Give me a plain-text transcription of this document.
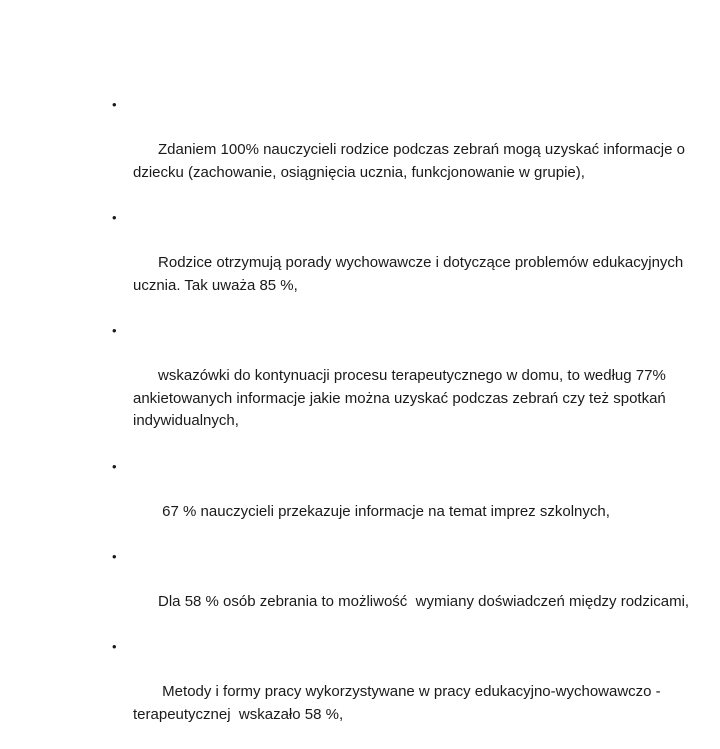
•

Zdaniem 100% nauczycieli rodzice podczas zebrań mogą uzyskać informacje o dziecku (zachowanie, osiągnięcia ucznia, funkcjonowanie w grupie),

•

Rodzice otrzymują porady wychowawcze i dotyczące problemów edukacyjnych ucznia. Tak uważa 85 %,

•

wskazówki do kontynuacji procesu terapeutycznego w domu, to według 77% ankietowanych informacje jakie można uzyskać podczas zebrań czy też spotkań indywidualnych,

•

67 % nauczycieli przekazuje informacje na temat imprez szkolnych,

•

Dla 58 % osób zebrania to możliwość  wymiany doświadczeń między rodzicami,

•

Metody i formy pracy wykorzystywane w pracy edukacyjno-wychowawczo - terapeutycznej  wskazało 58 %,
